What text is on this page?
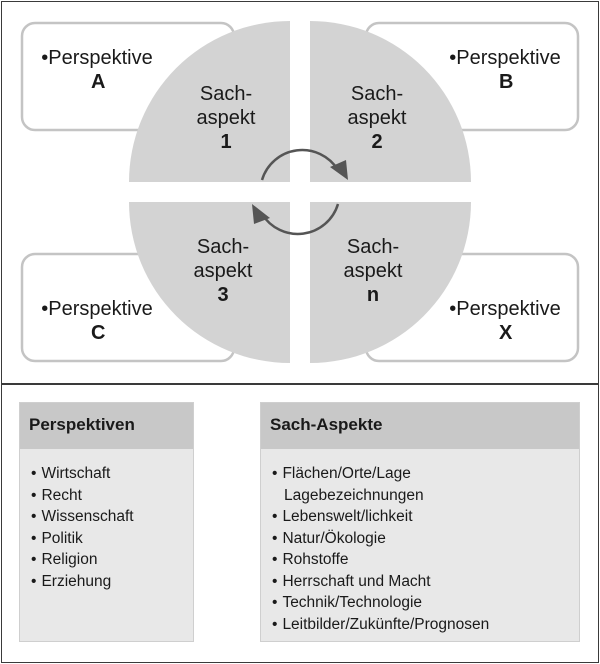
•Perspektive
A
•Perspektive
B
•Perspektive
C
•Perspektive
X
Sach-
aspekt
1
Sach-
aspekt
2
Sach-
aspekt
3
Sach-
aspekt
n
Perspektiven
• Wirtschaft
• Recht
• Wissenschaft
• Politik
• Religion
• Erziehung
Sach-Aspekte
• Flächen/Orte/Lage
Lagebezeichnungen
• Lebenswelt/lichkeit
• Natur/Ökologie
• Rohstoffe
• Herrschaft und Macht
• Technik/Technologie
• Leitbilder/Zukünfte/Prognosen
